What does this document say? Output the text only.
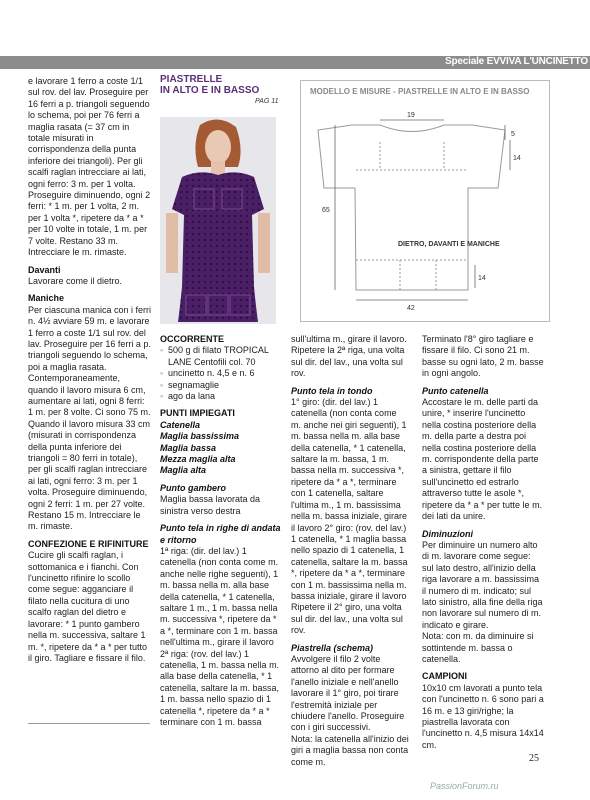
Speciale EVVIVA L'UNCINETTO

e lavorare 1 ferro a coste 1/1 sul rov. del lav. Proseguire per 16 ferri a p. triangoli seguendo lo schema, poi per 76 ferri a maglia rasata (= 37 cm in totale misurati in corrispondenza della punta inferiore dei triangoli). Per gli scalfi raglan intrecciare ai lati, ogni ferro: 3 m. per 1 volta. Proseguire diminuendo, ogni 2 ferri: * 1 m. per 1 volta, 2 m. per 1 volta *, ripetere da * a * per 10 volte in totale, 1 m. per 7 volte. Restano 33 m. Intrecciare le m. rimaste.

Davanti

Lavorare come il dietro.

Maniche

Per ciascuna manica con i ferri n. 4½ avviare 59 m. e lavorare 1 ferro a coste 1/1 sul rov. del lav. Proseguire per 16 ferri a p. triangoli seguendo lo schema, poi a maglia rasata. Contemporaneamente, quando il lavoro misura 6 cm, aumentare ai lati, ogni 8 ferri: 1 m. per 8 volte. Ci sono 75 m. Quando il lavoro misura 33 cm (misurati in corrispondenza della punta inferiore dei triangoli = 80 ferri in totale), per gli scalfi raglan intrecciare ai lati, ogni ferro: 3 m. per 1 volta. Proseguire diminuendo, ogni 2 ferri: 1 m. per 27 volte. Restano 15 m. Intrecciare le m. rimaste.

CONFEZIONE E RIFINITURE

Cucire gli scalfi raglan, i sottomanica e i fianchi. Con l'uncinetto rifinire lo scollo come segue: agganciare il filato nella cucitura di uno scalfo raglan del dietro e lavorare: * 1 punto gambero nella m. successiva, saltare 1 m. *, ripetere da * a * per tutto il giro. Tagliare e fissare il filo.

PIASTRELLE
IN ALTO E IN BASSO
PAG 11

OCCORRENTE

◦ 500 g di filato TROPICAL LANE Centofili col. 70

◦ uncinetto n. 4,5 e n. 6

◦ segnamaglie

◦ ago da lana

PUNTI IMPIEGATI

Catenella

Maglia bassissima

Maglia bassa

Mezza maglia alta

Maglia alta

Punto gambero

Maglia bassa lavorata da sinistra verso destra

Punto tela in righe di andata e ritorno

1ª riga: (dir. del lav.) 1 catenella (non conta come m. anche nelle righe seguenti), 1 m. bassa nella m. alla base della catenella, * 1 catenella, saltare 1 m., 1 m. bassa nella m. successiva *, ripetere da * a *, terminare con 1 m. bassa nell'ultima m., girare il lavoro 2ª riga: (rov. del lav.) 1 catenella, 1 m. bassa nella m. alla base della catenella, * 1 catenella, saltare la m. bassa, 1 m. bassa nello spazio di 1 catenella *, ripetere da * a * terminare con 1 m. bassa

MODELLO E MISURE - PIASTRELLE IN ALTO E IN BASSO
19
5
14
65
14
42
DIETRO, DAVANTI E MANICHE

sull'ultima m., girare il lavoro. Ripetere la 2ª riga, una volta sul dir. del lav., una volta sul rov.

Punto tela in tondo

1° giro: (dir. del lav.) 1 catenella (non conta come m. anche nei giri seguenti), 1 m. bassa nella m. alla base della catenella, * 1 catenella, saltare la m. bassa, 1 m. bassa nella m. successiva *, ripetere da * a *, terminare con 1 catenella, saltare l'ultima m., 1 m. bassissima nella m. bassa iniziale, girare il lavoro 2° giro: (rov. del lav.) 1 catenella, * 1 maglia bassa nello spazio di 1 catenella, 1 catenella, saltare la m. bassa *, ripetere da * a *, terminare con 1 m. bassissima nella m. bassa iniziale, girare il lavoro Ripetere il 2° giro, una volta sul dir. del lav., una volta sul rov.

Piastrella (schema)

Avvolgere il filo 2 volte attorno al dito per formare l'anello iniziale e nell'anello lavorare il 1° giro, poi tirare l'estremità iniziale per chiudere l'anello. Proseguire con i giri successivi.

Nota: la catenella all'inizio dei giri a maglia bassa non conta come m.

Terminato l'8° giro tagliare e fissare il filo. Ci sono 21 m. basse su ogni lato, 2 m. basse in ogni angolo.

Punto catenella

Accostare le m. delle parti da unire, * inserire l'uncinetto nella costina posteriore della m. della parte a destra poi nella costina posteriore della m. corrispondente della parte a sinistra, gettare il filo sull'uncinetto ed estrarlo attraverso tutte le asole *, ripetere da * a * per tutte le m. dei lati da unire.

Diminuzioni

Per diminuire un numero alto di m. lavorare come segue: sul lato destro, all'inizio della riga lavorare a m. bassissima il numero di m. indicato; sul lato sinistro, alla fine della riga non lavorare sul numero di m. indicato e girare.

Nota: con m. da diminuire si sottintende m. bassa o catenella.

CAMPIONI

10x10 cm lavorati a punto tela con l'uncinetto n. 6 sono pari a 16 m. e 13 giri/righe; la piastrella lavorata con l'uncinetto n. 4,5 misura 14x14 cm.

25
PassionForum.ru
